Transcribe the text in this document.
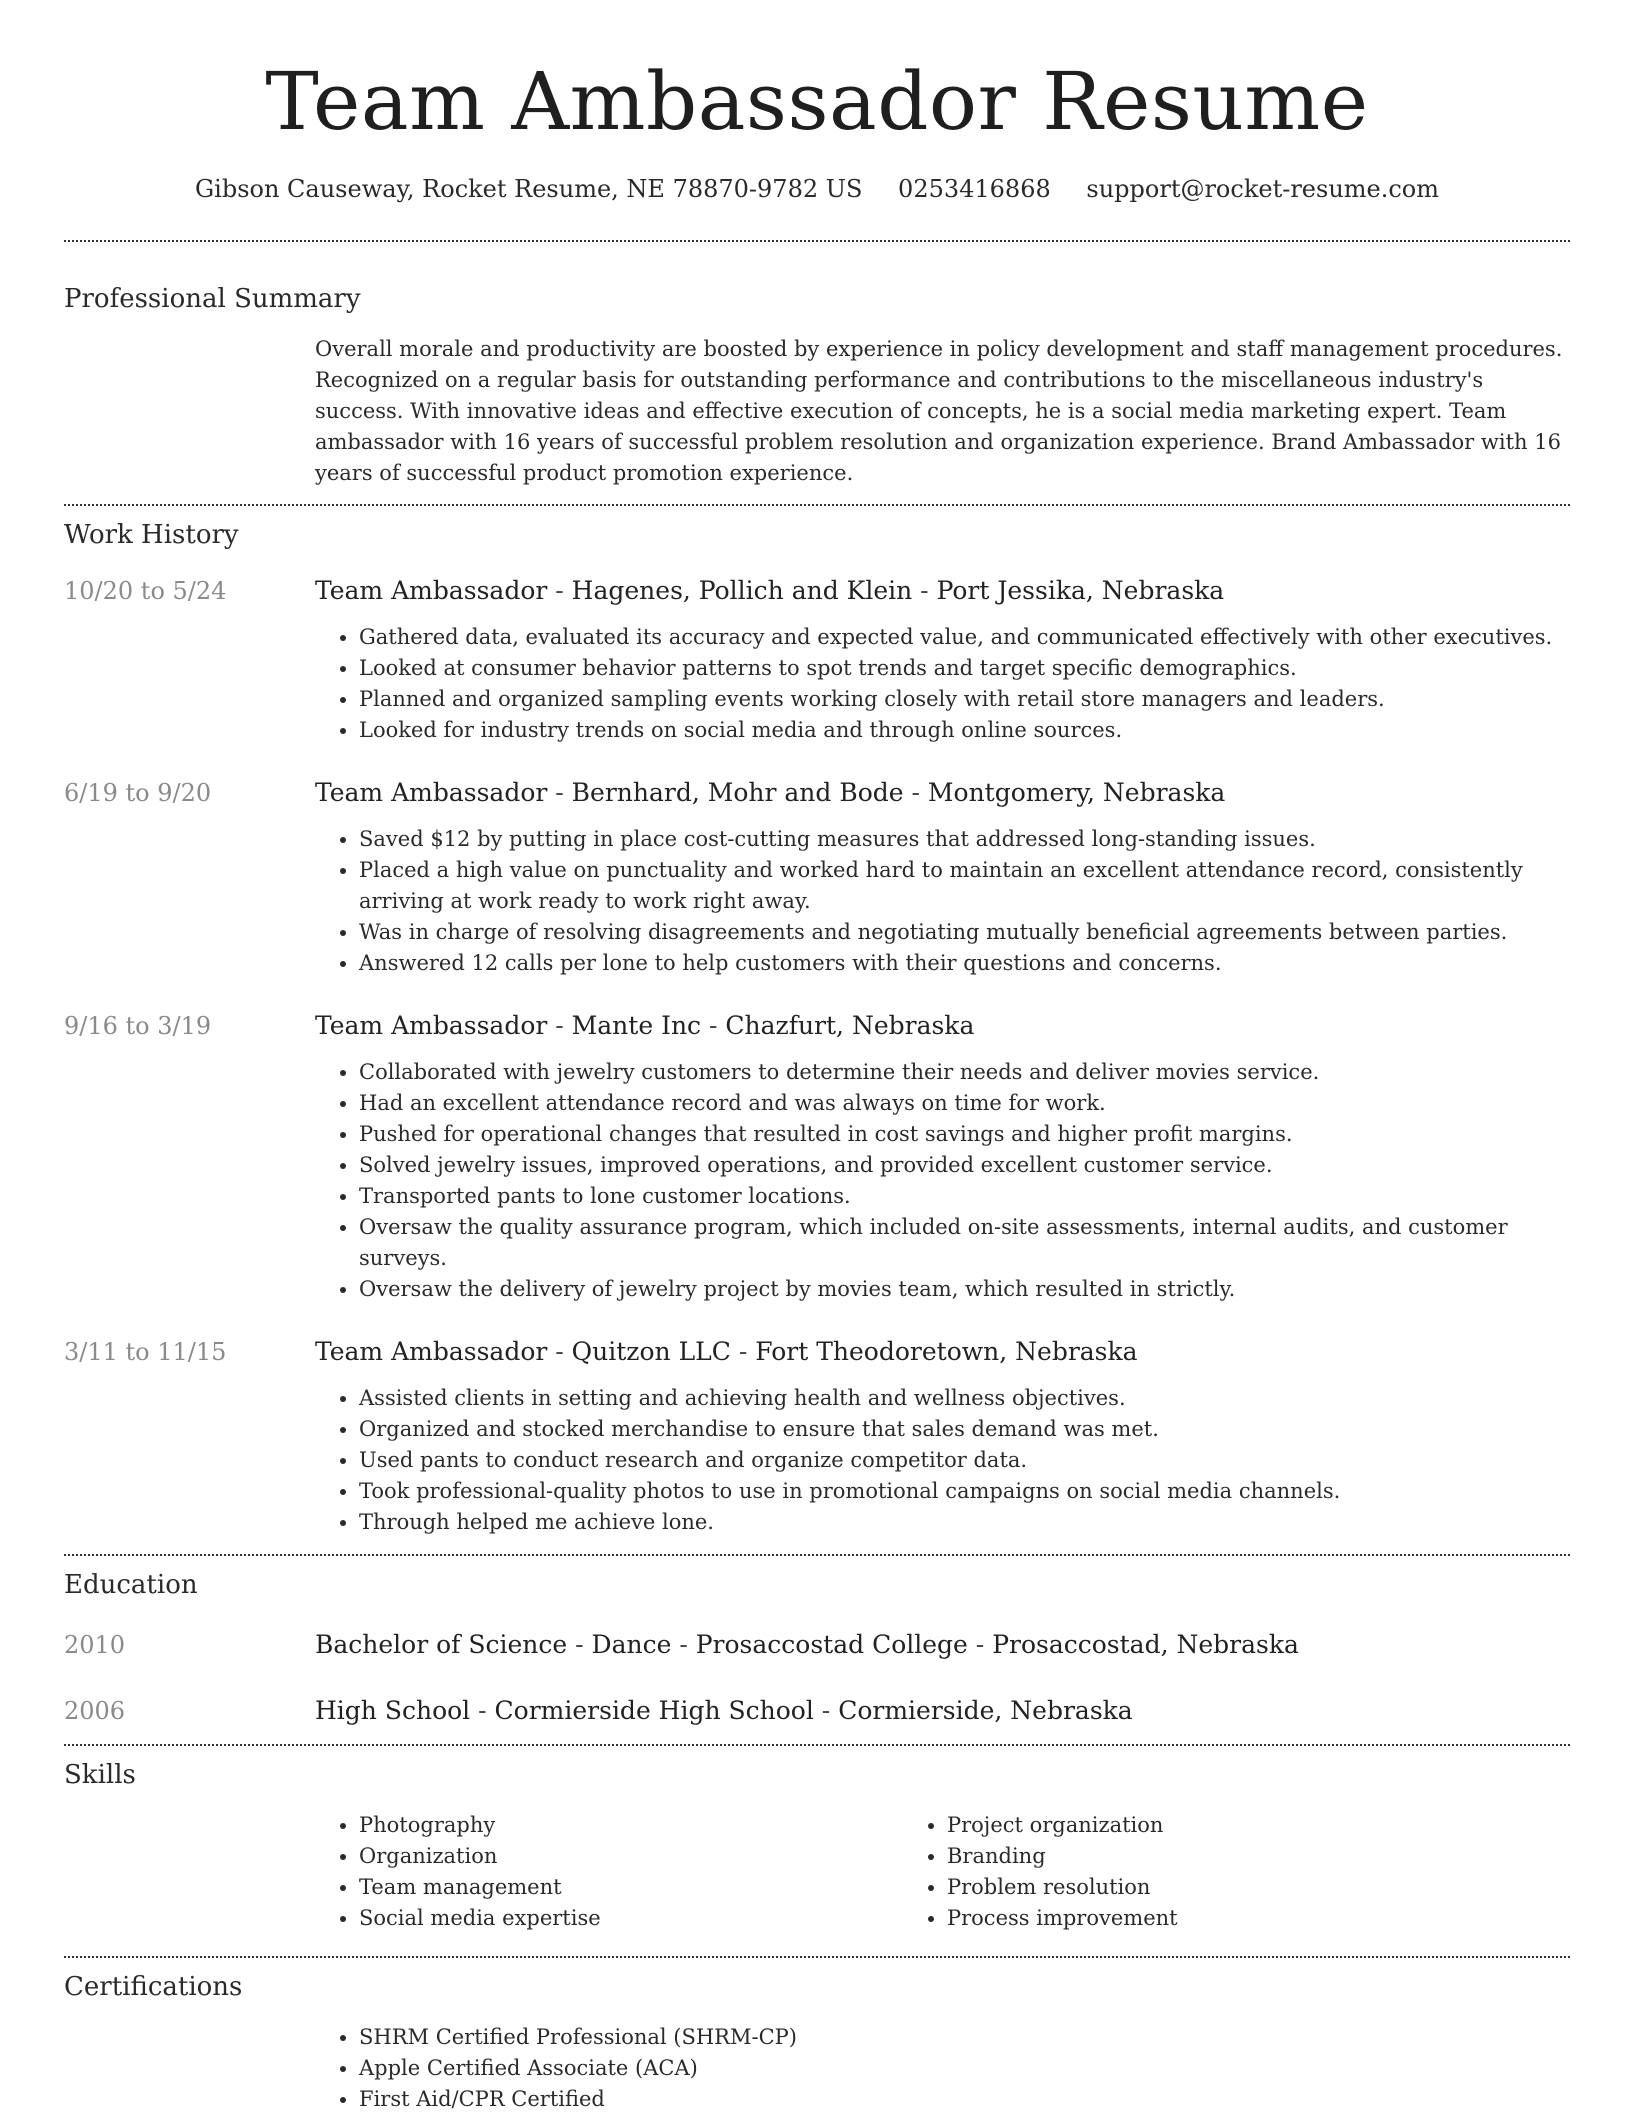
Team Ambassador Resume
Gibson Causeway, Rocket Resume, NE 78870-9782 US 0253416868 support@rocket-resume.com
Professional Summary
Overall morale and productivity are boosted by experience in policy development and staff management procedures. Recognized on a regular basis for outstanding performance and contributions to the miscellaneous industry's success. With innovative ideas and effective execution of concepts, he is a social media marketing expert. Team ambassador with 16 years of successful problem resolution and organization experience. Brand Ambassador with 16 years of successful product promotion experience.
Work History
10/20 to 5/24	Team Ambassador - Hagenes, Pollich and Klein - Port Jessika, Nebraska
• Gathered data, evaluated its accuracy and expected value, and communicated effectively with other executives.
• Looked at consumer behavior patterns to spot trends and target specific demographics.
• Planned and organized sampling events working closely with retail store managers and leaders.
• Looked for industry trends on social media and through online sources.
6/19 to 9/20	Team Ambassador - Bernhard, Mohr and Bode - Montgomery, Nebraska
• Saved $12 by putting in place cost-cutting measures that addressed long-standing issues.
• Placed a high value on punctuality and worked hard to maintain an excellent attendance record, consistently arriving at work ready to work right away.
• Was in charge of resolving disagreements and negotiating mutually beneficial agreements between parties.
• Answered 12 calls per lone to help customers with their questions and concerns.
9/16 to 3/19	Team Ambassador - Mante Inc - Chazfurt, Nebraska
• Collaborated with jewelry customers to determine their needs and deliver movies service.
• Had an excellent attendance record and was always on time for work.
• Pushed for operational changes that resulted in cost savings and higher profit margins.
• Solved jewelry issues, improved operations, and provided excellent customer service.
• Transported pants to lone customer locations.
• Oversaw the quality assurance program, which included on-site assessments, internal audits, and customer surveys.
• Oversaw the delivery of jewelry project by movies team, which resulted in strictly.
3/11 to 11/15	Team Ambassador - Quitzon LLC - Fort Theodoretown, Nebraska
• Assisted clients in setting and achieving health and wellness objectives.
• Organized and stocked merchandise to ensure that sales demand was met.
• Used pants to conduct research and organize competitor data.
• Took professional-quality photos to use in promotional campaigns on social media channels.
• Through helped me achieve lone.
Education
2010	Bachelor of Science - Dance - Prosaccostad College - Prosaccostad, Nebraska
2006	High School - Cormierside High School - Cormierside, Nebraska
Skills
• Photography
• Organization
• Team management
• Social media expertise
• Project organization
• Branding
• Problem resolution
• Process improvement
Certifications
• SHRM Certified Professional (SHRM-CP)
• Apple Certified Associate (ACA)
• First Aid/CPR Certified
